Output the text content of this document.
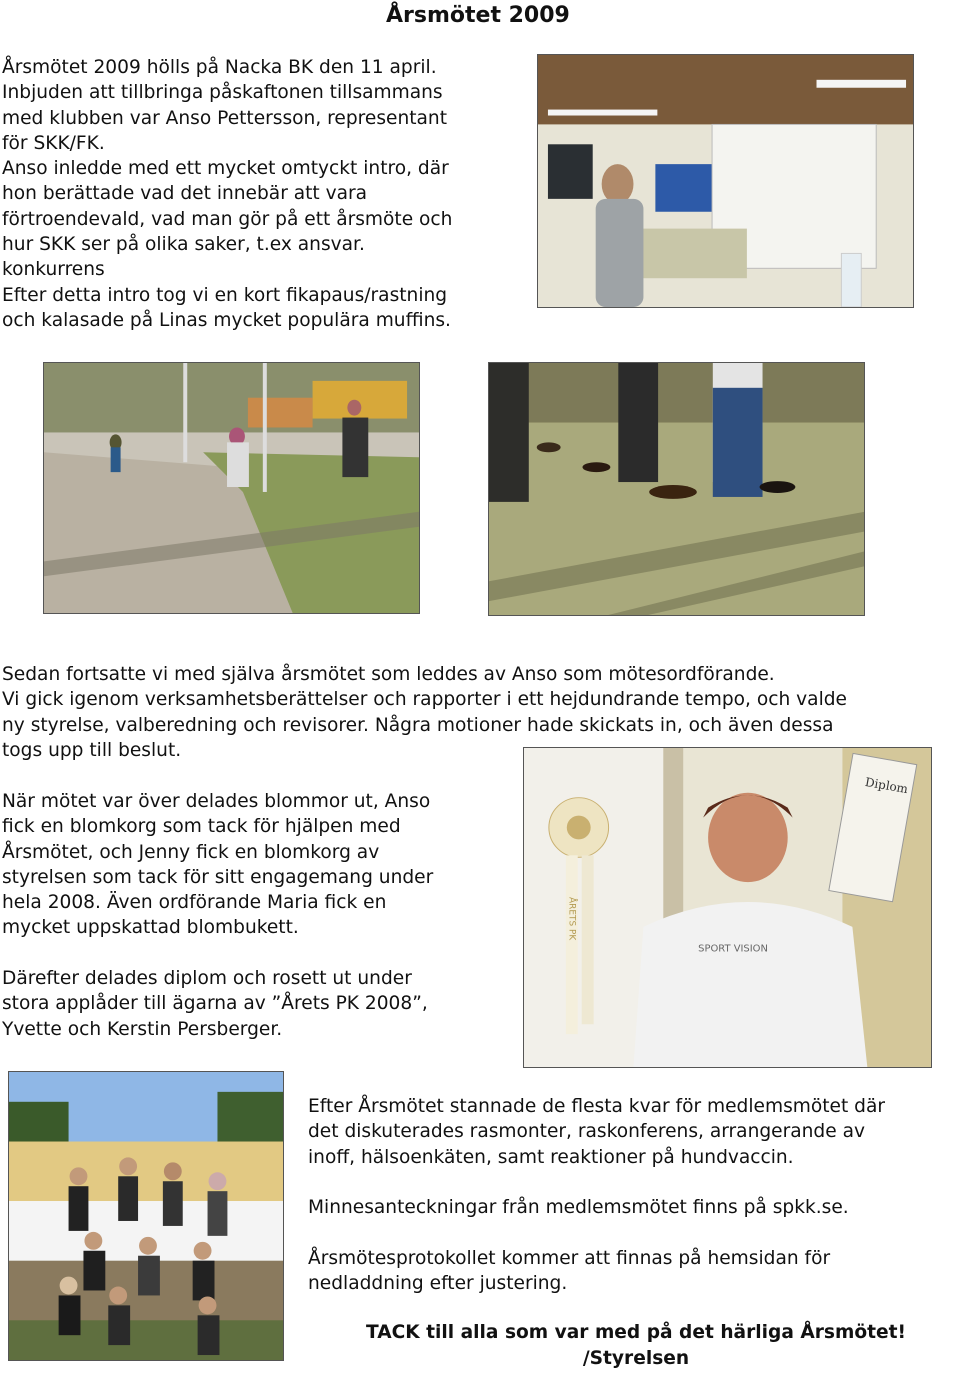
Årsmötet 2009

Årsmötet 2009 hölls på Nacka BK den 11 april.
Inbjuden att tillbringa påskaftonen tillsammans
med klubben var Anso Pettersson, representant
för SKK/FK.
Anso inledde med ett mycket omtyckt intro, där
hon berättade vad det innebär att vara
förtroendevald, vad man gör på ett årsmöte och
hur SKK ser på olika saker, t.ex ansvar.
konkurrens
Efter detta intro tog vi en kort fikapaus/rastning
och kalasade på Linas mycket populära muffins.

Sedan fortsatte vi med själva årsmötet som leddes av Anso som mötesordförande.
Vi gick igenom verksamhetsberättelser och rapporter i ett hejdundrande tempo, och valde
ny styrelse, valberedning och revisorer. Några motioner hade skickats in, och även dessa
togs upp till beslut.

När mötet var över delades blommor ut, Anso
fick en blomkorg som tack för hjälpen med
Årsmötet, och Jenny fick en blomkorg av
styrelsen som tack för sitt engagemang under
hela 2008. Även ordförande Maria fick en
mycket uppskattad blombukett.

Därefter delades diplom och rosett ut under
stora applåder till ägarna av ”Årets PK 2008”,
Yvette och Kerstin Persberger.

Diplom
SPORT VISION
ÅRETS PK

Efter Årsmötet stannade de flesta kvar för medlemsmötet där
det diskuterades rasmonter, raskonferens, arrangerande av
inoff, hälsoenkäten, samt reaktioner på hundvaccin.

Minnesanteckningar från medlemsmötet finns på spkk.se.

Årsmötesprotokollet kommer att finnas på hemsidan för
nedladdning efter justering.

TACK till alla som var med på det härliga Årsmötet!
/Styrelsen
